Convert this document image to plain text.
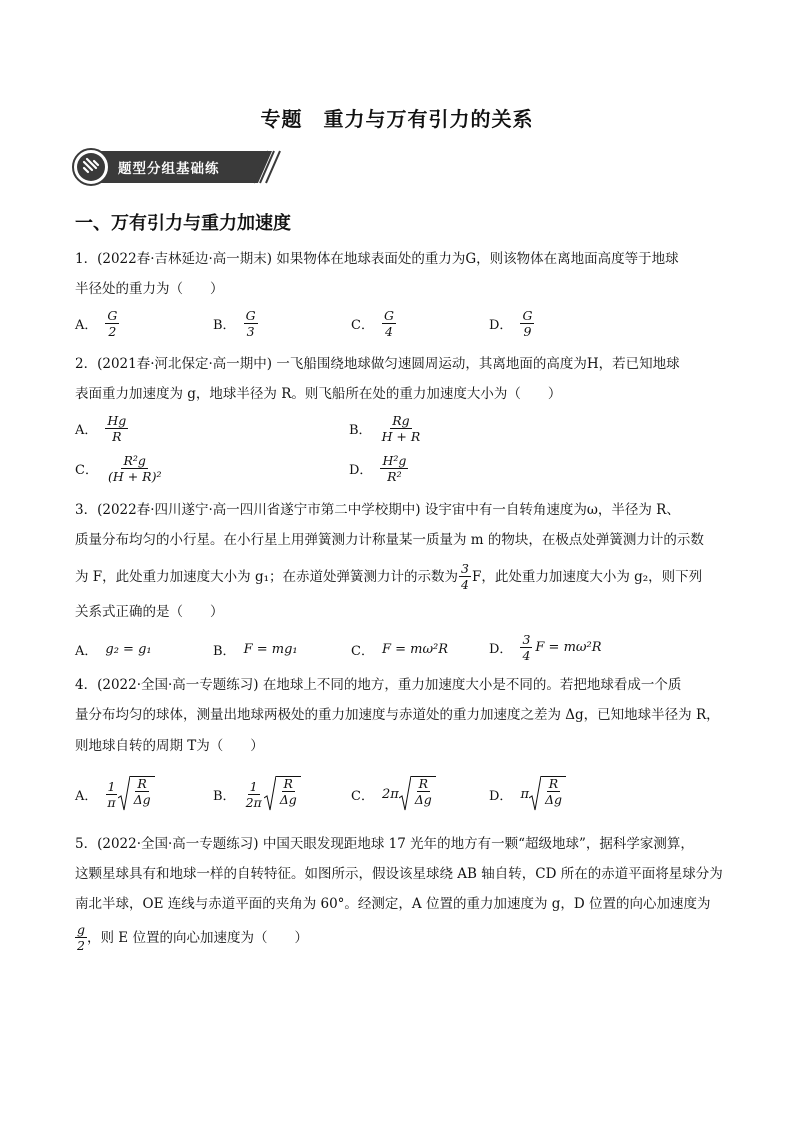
专题　重力与万有引力的关系
题型分组基础练
一、万有引力与重力加速度
1．(2022春·吉林延边·高一期末) 如果物体在地球表面处的重力为G，则该物体在离地面高度等于地球
半径处的重力为（　　）
A． $\frac{G}{2}$	B． $\frac{G}{3}$	C． $\frac{G}{4}$	D． $\frac{G}{9}$
2．(2021春·河北保定·高一期中) 一飞船围绕地球做匀速圆周运动，其离地面的高度为H，若已知地球
表面重力加速度为 g，地球半径为 R。则飞船所在处的重力加速度大小为（　　）
A． $\frac{Hg}{R}$	B． $\frac{Rg}{H + R}$
C． $\frac{\text{R²g}}{\text{(H + R)²}}$	D． $\frac{\text{H²g}}{\text{R²}}$
3．(2022春·四川遂宁·高一四川省遂宁市第二中学校期中) 设宇宙中有一自转角速度为ω，半径为 R、
质量分布均匀的小行星。在小行星上用弹簧测力计称量某一质量为 m 的物块，在极点处弹簧测力计的示数
为 F，此处重力加速度大小为 g₁；在赤道处弹簧测力计的示数为 $\frac{3}{4}$ F，此处重力加速度大小为 g₂，则下列
关系式正确的是（　　）
A． g₂ = g₁	B． F = mg₁	C． F = mω²R	D． $\frac{3}{4}$ F = mω²R
4．(2022·全国·高一专题练习) 在地球上不同的地方，重力加速度大小是不同的。若把地球看成一个质
量分布均匀的球体，测量出地球两极处的重力加速度与赤道处的重力加速度之差为 Δg，已知地球半径为 R，
则地球自转的周期 T为（　　）
A． $\frac{1}{\pi} \frac{R}{\Delta g}$	B． $\frac{1}{2\pi} \frac{R}{\Delta g}$	C． $2\pi \frac{R}{\Delta g}$	D． π $\frac{R}{\Delta g}$
5．(2022·全国·高一专题练习) 中国天眼发现距地球 17 光年的地方有一颗“超级地球”，据科学家测算，
这颗星球具有和地球一样的自转特征。如图所示，假设该星球绕 AB 轴自转，CD 所在的赤道平面将星球分为
南北半球，OE 连线与赤道平面的夹角为 60°。经测定，A 位置的重力加速度为 g，D 位置的向心加速度为
$\frac{g}{2}$ ，则 E 位置的向心加速度为（　　）
